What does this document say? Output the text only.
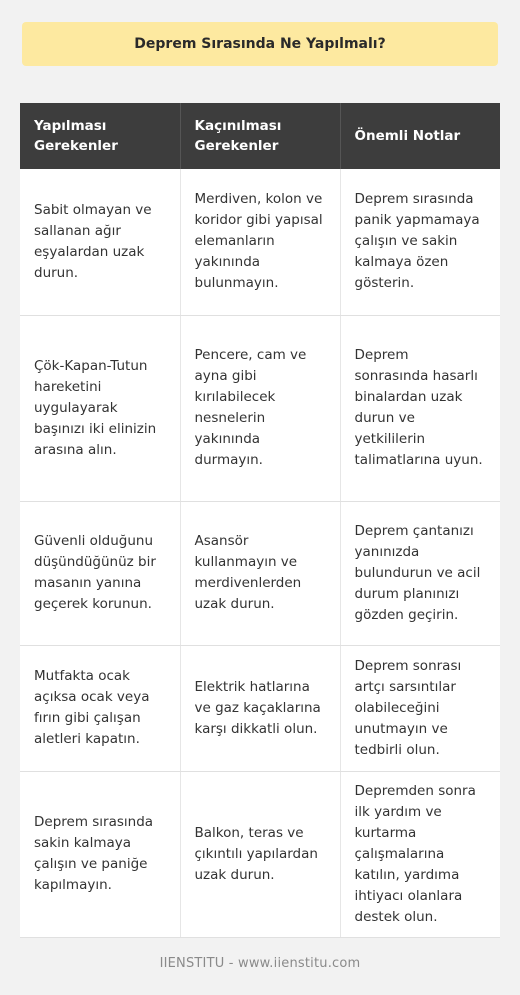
Deprem Sırasında Ne Yapılmalı?
Yapılması Gerekenler	Kaçınılması Gerekenler	Önemli Notlar
Sabit olmayan ve sallanan ağır eşyalardan uzak durun.	Merdiven, kolon ve koridor gibi yapısal elemanların yakınında bulunmayın.	Deprem sırasında panik yapmamaya çalışın ve sakin kalmaya özen gösterin.
Çök-Kapan-Tutun hareketini uygulayarak başınızı iki elinizin arasına alın.	Pencere, cam ve ayna gibi kırılabilecek nesnelerin yakınında durmayın.	Deprem sonrasında hasarlı binalardan uzak durun ve yetkililerin talimatlarına uyun.
Güvenli olduğunu düşündüğünüz bir masanın yanına geçerek korunun.	Asansör kullanmayın ve merdivenlerden uzak durun.	Deprem çantanızı yanınızda bulundurun ve acil durum planınızı gözden geçirin.
Mutfakta ocak açıksa ocak veya fırın gibi çalışan aletleri kapatın.	Elektrik hatlarına ve gaz kaçaklarına karşı dikkatli olun.	Deprem sonrası artçı sarsıntılar olabileceğini unutmayın ve tedbirli olun.
Deprem sırasında sakin kalmaya çalışın ve paniğe kapılmayın.	Balkon, teras ve çıkıntılı yapılardan uzak durun.	Depremden sonra ilk yardım ve kurtarma çalışmalarına katılın, yardıma ihtiyacı olanlara destek olun.
IIENSTITU - www.iienstitu.com
